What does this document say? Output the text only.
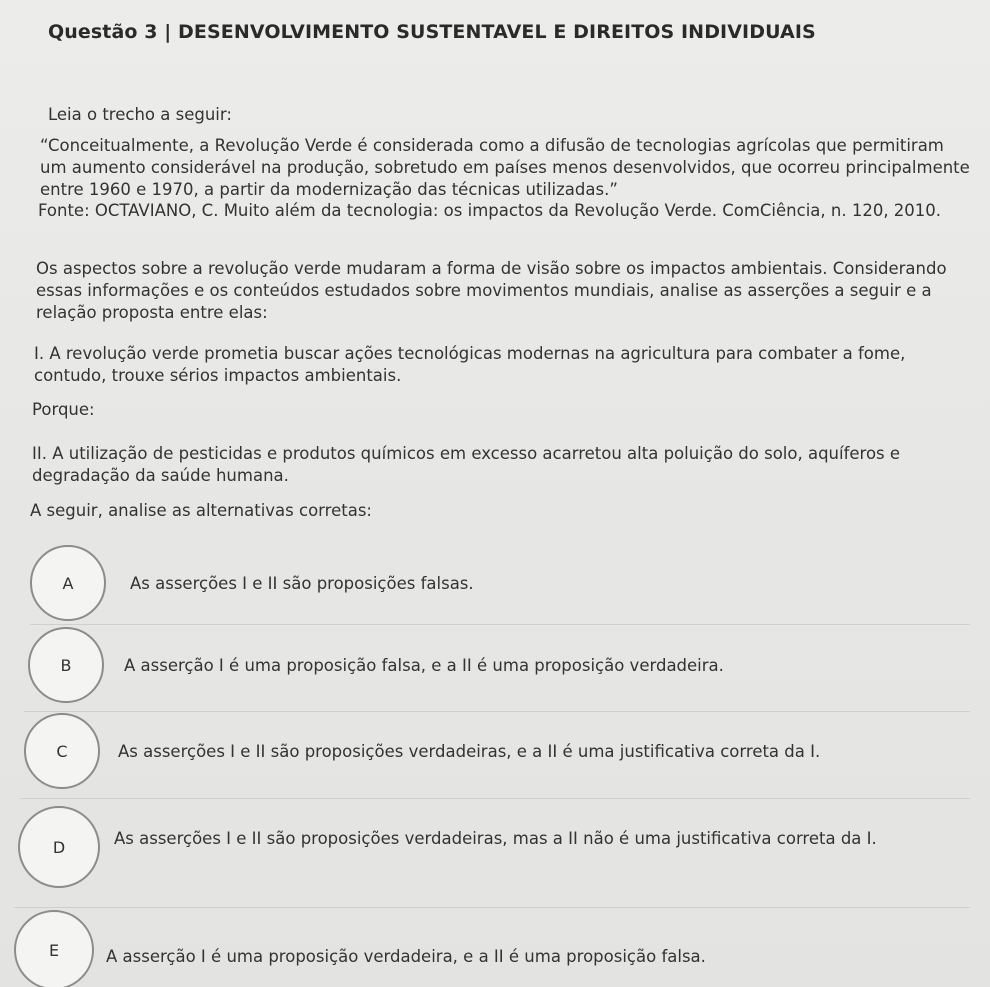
Questão 3 | DESENVOLVIMENTO SUSTENTAVEL E DIREITOS INDIVIDUAIS
Leia o trecho a seguir:
“Conceitualmente, a Revolução Verde é considerada como a difusão de tecnologias agrícolas que permitiram um aumento considerável na produção, sobretudo em países menos desenvolvidos, que ocorreu principalmente entre 1960 e 1970, a partir da modernização das técnicas utilizadas.”
Fonte: OCTAVIANO, C. Muito além da tecnologia: os impactos da Revolução Verde. ComCiência, n. 120, 2010.
Os aspectos sobre a revolução verde mudaram a forma de visão sobre os impactos ambientais. Considerando essas informações e os conteúdos estudados sobre movimentos mundiais, analise as asserções a seguir e a relação proposta entre elas:
I. A revolução verde prometia buscar ações tecnológicas modernas na agricultura para combater a fome, contudo, trouxe sérios impactos ambientais.
Porque:
II. A utilização de pesticidas e produtos químicos em excesso acarretou alta poluição do solo, aquíferos e degradação da saúde humana.
A seguir, analise as alternativas corretas:
A	As asserções I e II são proposições falsas.
B	A asserção I é uma proposição falsa, e a II é uma proposição verdadeira.
C	As asserções I e II são proposições verdadeiras, e a II é uma justificativa correta da I.
D	As asserções I e II são proposições verdadeiras, mas a II não é uma justificativa correta da I.
E	A asserção I é uma proposição verdadeira, e a II é uma proposição falsa.
